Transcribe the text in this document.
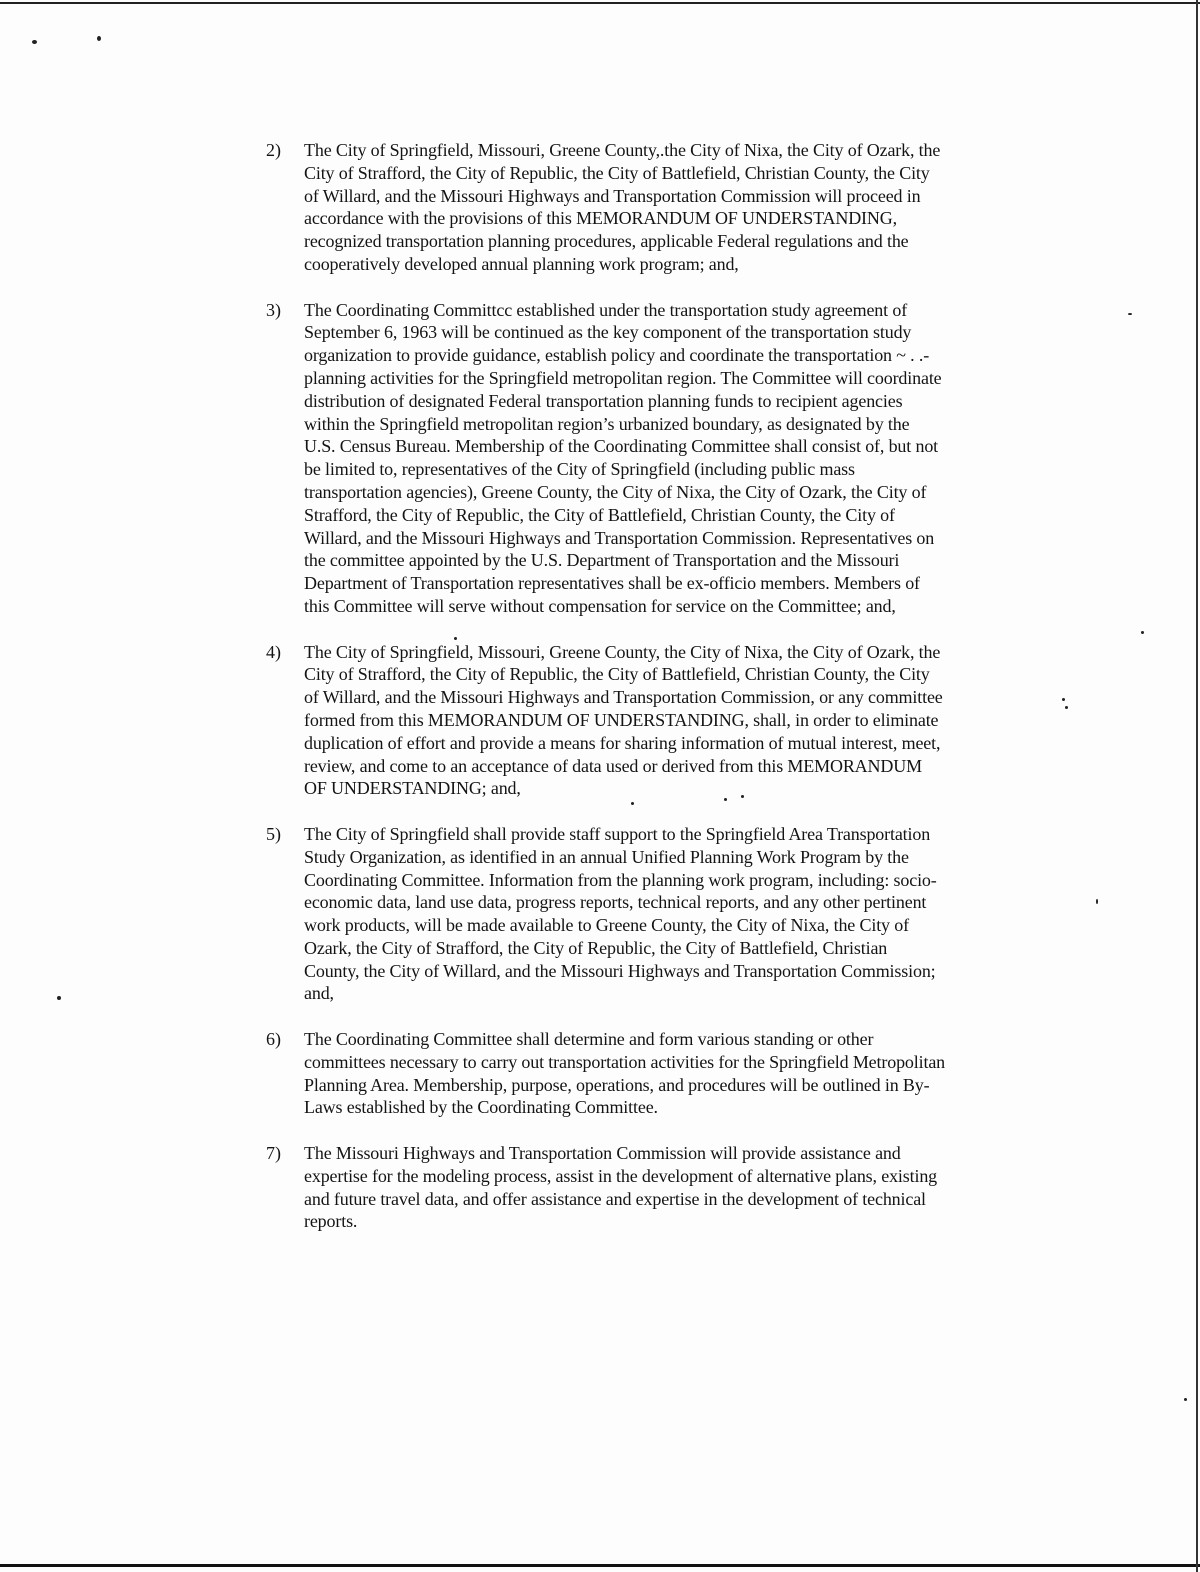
2) The City of Springfield, Missouri, Greene County,.the City of Nixa, the City of Ozark, the
City of Strafford, the City of Republic, the City of Battlefield, Christian County, the City
of Willard, and the Missouri Highways and Transportation Commission will proceed in
accordance with the provisions of this MEMORANDUM OF UNDERSTANDING,
recognized transportation planning procedures, applicable Federal regulations and the
cooperatively developed annual planning work program; and,
3) The Coordinating Committcc established under the transportation study agreement of
September 6, 1963 will be continued as the key component of the transportation study
organization to provide guidance, establish policy and coordinate the transportation ~ . .-
planning activities for the Springfield metropolitan region. The Committee will coordinate
distribution of designated Federal transportation planning funds to recipient agencies
within the Springfield metropolitan region’s urbanized boundary, as designated by the
U.S. Census Bureau. Membership of the Coordinating Committee shall consist of, but not
be limited to, representatives of the City of Springfield (including public mass
transportation agencies), Greene County, the City of Nixa, the City of Ozark, the City of
Strafford, the City of Republic, the City of Battlefield, Christian County, the City of
Willard, and the Missouri Highways and Transportation Commission. Representatives on
the committee appointed by the U.S. Department of Transportation and the Missouri
Department of Transportation representatives shall be ex-officio members. Members of
this Committee will serve without compensation for service on the Committee; and,
4) The City of Springfield, Missouri, Greene County, the City of Nixa, the City of Ozark, the
City of Strafford, the City of Republic, the City of Battlefield, Christian County, the City
of Willard, and the Missouri Highways and Transportation Commission, or any committee
formed from this MEMORANDUM OF UNDERSTANDING, shall, in order to eliminate
duplication of effort and provide a means for sharing information of mutual interest, meet,
review, and come to an acceptance of data used or derived from this MEMORANDUM
OF UNDERSTANDING; and,
5) The City of Springfield shall provide staff support to the Springfield Area Transportation
Study Organization, as identified in an annual Unified Planning Work Program by the
Coordinating Committee. Information from the planning work program, including: socio-
economic data, land use data, progress reports, technical reports, and any other pertinent
work products, will be made available to Greene County, the City of Nixa, the City of
Ozark, the City of Strafford, the City of Republic, the City of Battlefield, Christian
County, the City of Willard, and the Missouri Highways and Transportation Commission;
and,
6) The Coordinating Committee shall determine and form various standing or other
committees necessary to carry out transportation activities for the Springfield Metropolitan
Planning Area. Membership, purpose, operations, and procedures will be outlined in By-
Laws established by the Coordinating Committee.
7) The Missouri Highways and Transportation Commission will provide assistance and
expertise for the modeling process, assist in the development of alternative plans, existing
and future travel data, and offer assistance and expertise in the development of technical
reports.
